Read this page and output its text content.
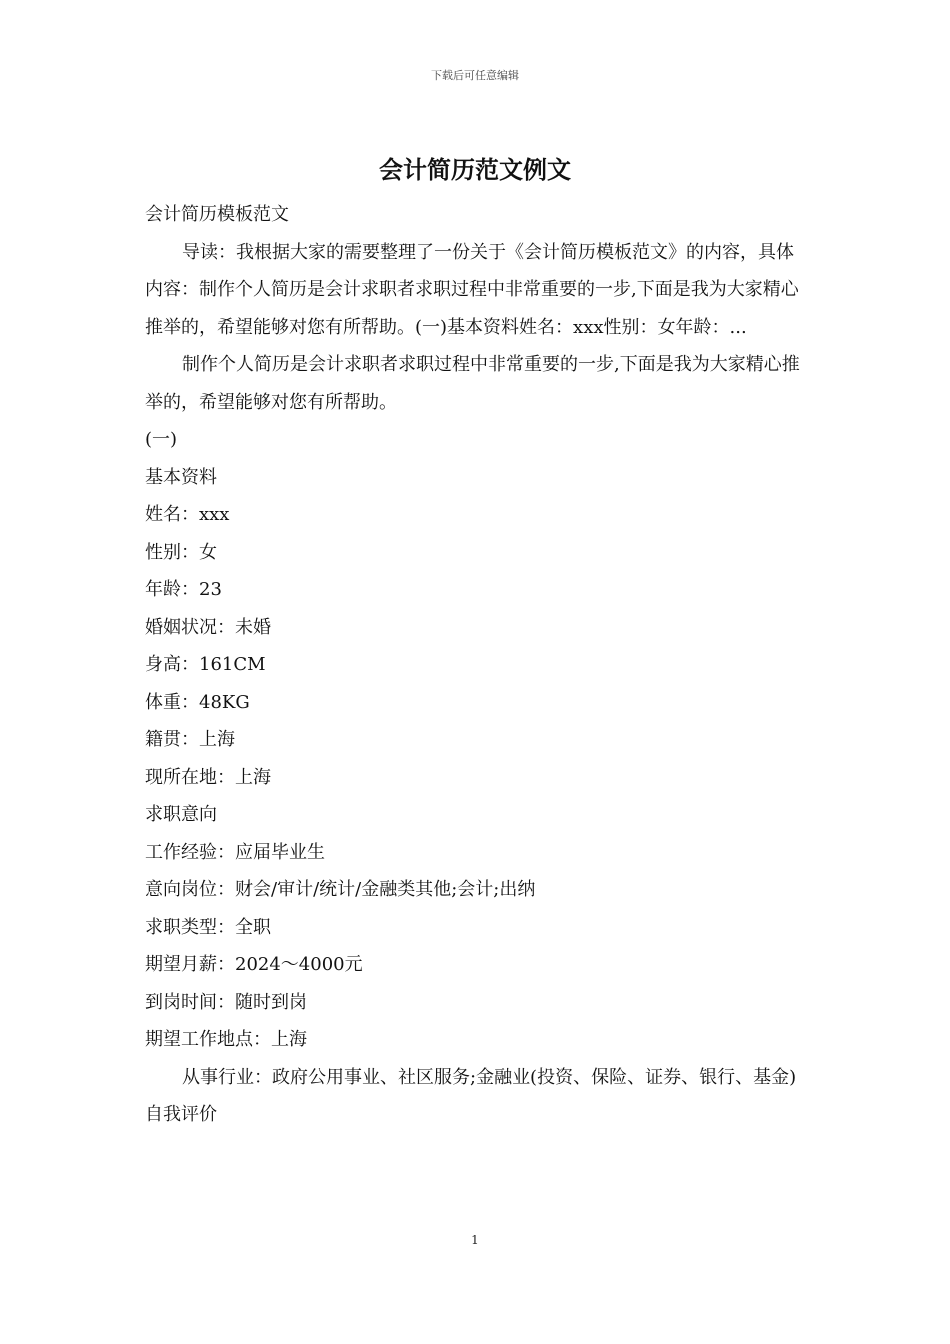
下载后可任意编辑
会计简历范文例文

会计简历模板范文

导读：我根据大家的需要整理了一份关于《会计简历模板范文》的内容，具体内容：制作个人简历是会计求职者求职过程中非常重要的一步,下面是我为大家精心推举的，希望能够对您有所帮助。(一)基本资料姓名：xxx性别：女年龄：...

制作个人简历是会计求职者求职过程中非常重要的一步,下面是我为大家精心推举的，希望能够对您有所帮助。

(一)

基本资料

姓名：xxx

性别：女

年龄：23

婚姻状况：未婚

身高：161CM

体重：48KG

籍贯：上海

现所在地：上海

求职意向

工作经验：应届毕业生

意向岗位：财会/审计/统计/金融类其他;会计;出纳

求职类型：全职

期望月薪：2024～4000元

到岗时间：随时到岗

期望工作地点：上海

从事行业：政府公用事业、社区服务;金融业(投资、保险、证券、银行、基金)

自我评价

1
